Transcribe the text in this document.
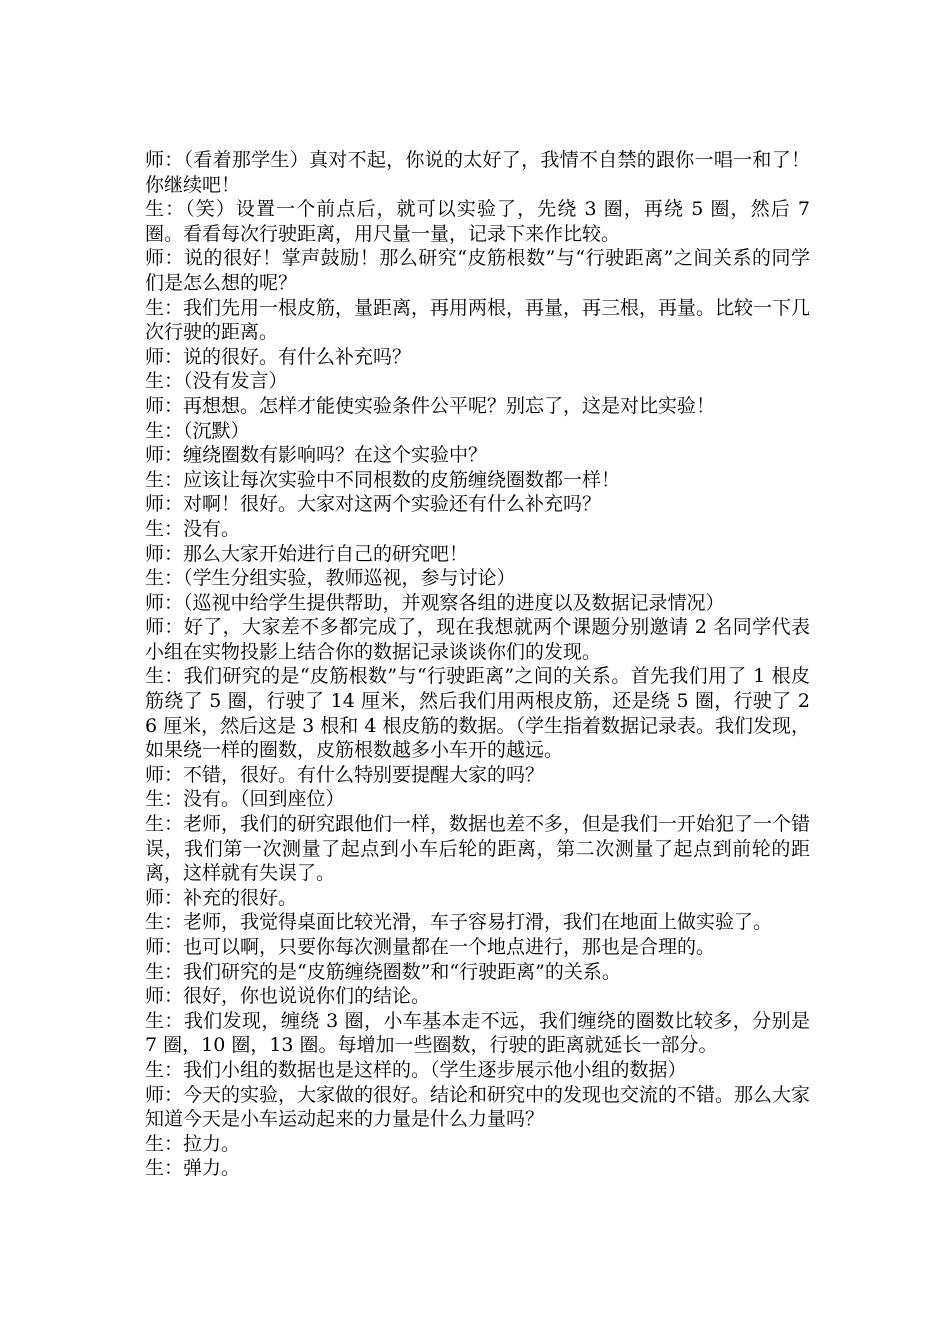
师：（看着那学生）真对不起，你说的太好了，我情不自禁的跟你一唱一和了！你继续吧！

生：（笑）设置一个前点后，就可以实验了，先绕 3 圈，再绕 5 圈，然后 7 圈。看看每次行驶距离，用尺量一量，记录下来作比较。

师：说的很好！掌声鼓励！那么研究“皮筋根数”与“行驶距离”之间关系的同学们是怎么想的呢？

生：我们先用一根皮筋，量距离，再用两根，再量，再三根，再量。比较一下几次行驶的距离。

师：说的很好。有什么补充吗？

生：（没有发言）

师：再想想。怎样才能使实验条件公平呢？别忘了，这是对比实验！

生：（沉默）

师：缠绕圈数有影响吗？在这个实验中？

生：应该让每次实验中不同根数的皮筋缠绕圈数都一样！

师：对啊！很好。大家对这两个实验还有什么补充吗？

生：没有。

师：那么大家开始进行自己的研究吧！

生：（学生分组实验，教师巡视，参与讨论）

师：（巡视中给学生提供帮助，并观察各组的进度以及数据记录情况）

师：好了，大家差不多都完成了，现在我想就两个课题分别邀请 2 名同学代表小组在实物投影上结合你的数据记录谈谈你们的发现。

生：我们研究的是“皮筋根数”与“行驶距离”之间的关系。首先我们用了 1 根皮筋绕了 5 圈，行驶了 14 厘米，然后我们用两根皮筋，还是绕 5 圈，行驶了 26 厘米，然后这是 3 根和 4 根皮筋的数据。（学生指着数据记录表。我们发现，如果绕一样的圈数，皮筋根数越多小车开的越远。

师：不错，很好。有什么特别要提醒大家的吗？

生：没有。（回到座位）

生：老师，我们的研究跟他们一样，数据也差不多，但是我们一开始犯了一个错误，我们第一次测量了起点到小车后轮的距离，第二次测量了起点到前轮的距离，这样就有失误了。

师：补充的很好。

生：老师，我觉得桌面比较光滑，车子容易打滑，我们在地面上做实验了。

师：也可以啊，只要你每次测量都在一个地点进行，那也是合理的。

生：我们研究的是“皮筋缠绕圈数”和“行驶距离”的关系。

师：很好，你也说说你们的结论。

生：我们发现，缠绕 3 圈，小车基本走不远，我们缠绕的圈数比较多，分别是 7 圈，10 圈，13 圈。每增加一些圈数，行驶的距离就延长一部分。

生：我们小组的数据也是这样的。（学生逐步展示他小组的数据）

师：今天的实验，大家做的很好。结论和研究中的发现也交流的不错。那么大家知道今天是小车运动起来的力量是什么力量吗？

生：拉力。

生：弹力。
